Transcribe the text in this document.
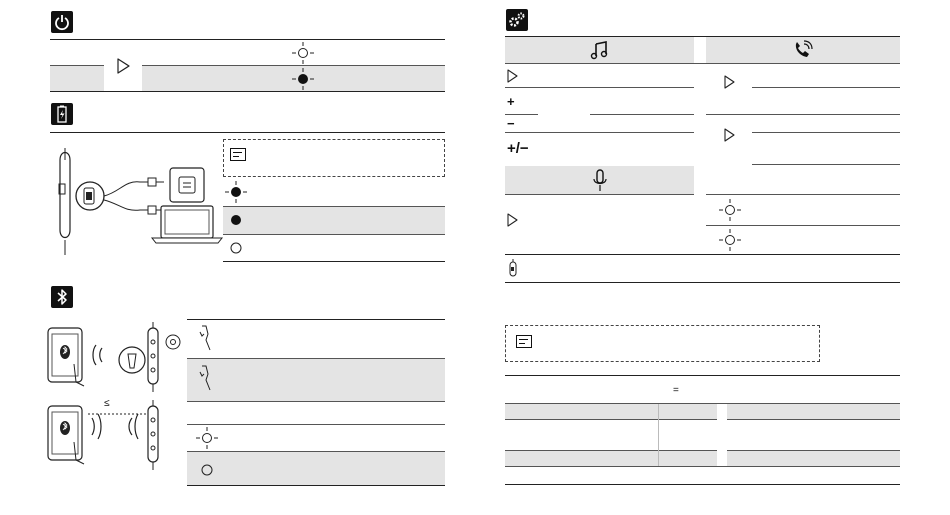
≤
+
−
+/−
=
